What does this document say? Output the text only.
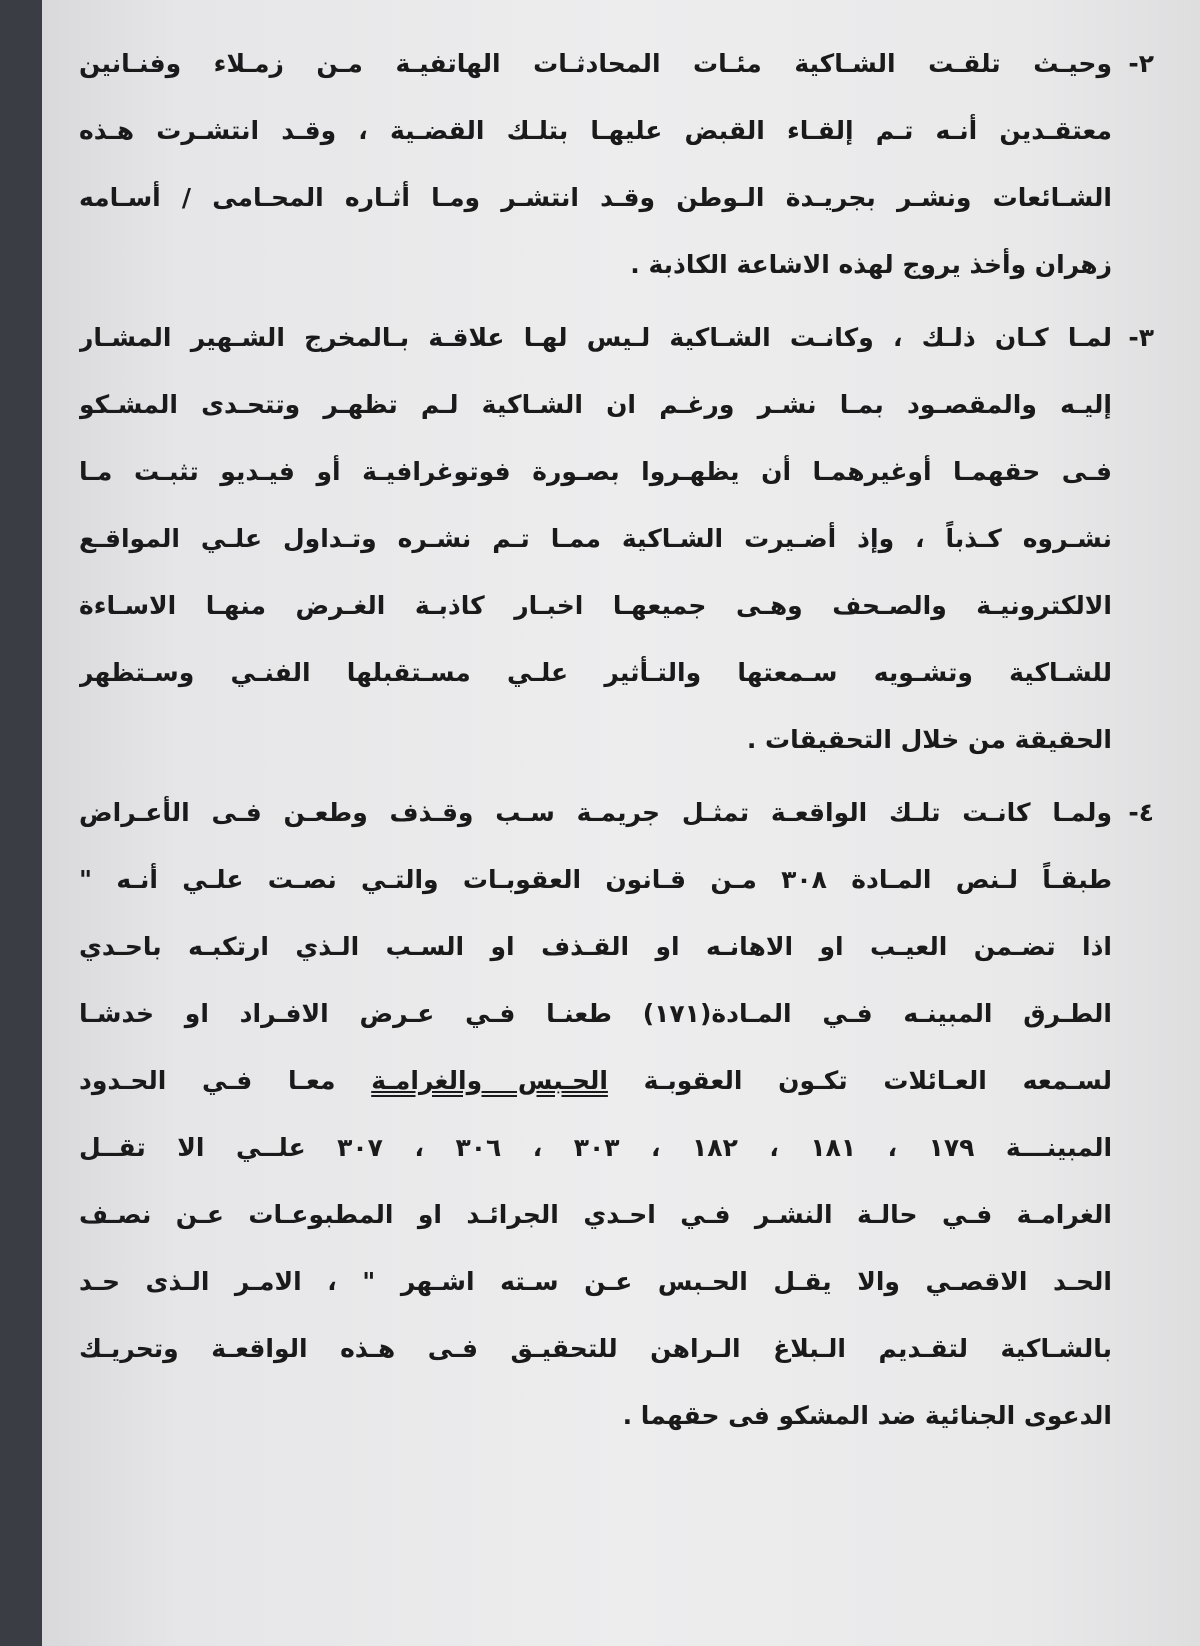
٢-
وحيـث تلقـت الشـاكية مئـات المحادثـات الهاتفيـة مـن زمـلاء وفنـانين
معتقـدين أنـه تـم إلقـاء القبض عليهـا بتلـك القضـية ، وقـد انتشـرت هـذه
الشـائعات ونشـر بجريـدة الـوطن وقـد انتشـر ومـا أثـاره المحـامى / أسـامه
زهران وأخذ يروج لهذه الاشاعة الكاذبة .
٣-
لمـا كـان ذلـك ، وكانـت الشـاكية لـيس لهـا علاقـة بـالمخرج الشـهير المشـار
إليـه والمقصـود بمـا نشـر ورغـم ان الشـاكية لـم تظهـر وتتحـدى المشـكو
فـى حقهمـا أوغيرهمـا أن يظهـروا بصـورة فوتوغرافيـة أو فيـديو تثبـت مـا
نشـروه كـذباً ، وإذ أضـيرت الشـاكية ممـا تـم نشـره وتـداول علـي المواقـع
الالكترونيـة والصـحف وهـى جميعهـا اخبـار كاذبـة الغـرض منهـا الاسـاءة
للشـاكية وتشـويه سـمعتها والتـأثير علـي مسـتقبلها الفنـي وسـتظهر
الحقيقة من خلال التحقيقات .
٤-
ولمـا كانـت تلـك الواقعـة تمثـل جريمـة سـب وقـذف وطعـن فـى الأعـراض
طبقـاً لـنص المـادة ٣٠٨ مـن قـانون العقوبـات والتـي نصـت علـي أنـه "
اذا تضـمن العيـب او الاهانـه او القـذف او السـب الـذي ارتكبـه باحـدي
الطـرق المبينـه فـي المـادة(١٧١) طعنـا فـي عـرض الافـراد او خدشـا
لسـمعه العـائلات تكـون العقوبـة الحـبس والغرامـة معـا فـي الحـدود
المبينـــة ١٧٩ ، ١٨١ ، ١٨٢ ، ٣٠٣ ، ٣٠٦ ، ٣٠٧ علــي الا تقــل
الغرامـة فـي حالـة النشـر فـي احـدي الجرائـد او المطبوعـات عـن نصـف
الحـد الاقصـي والا يقـل الحـبس عـن سـته اشـهر " ، الامـر الـذى حـد
بالشـاكية لتقـديم الـبلاغ الـراهن للتحقيـق فـى هـذه الواقعـة وتحريـك
الدعوى الجنائية ضد المشكو فى حقهما .
